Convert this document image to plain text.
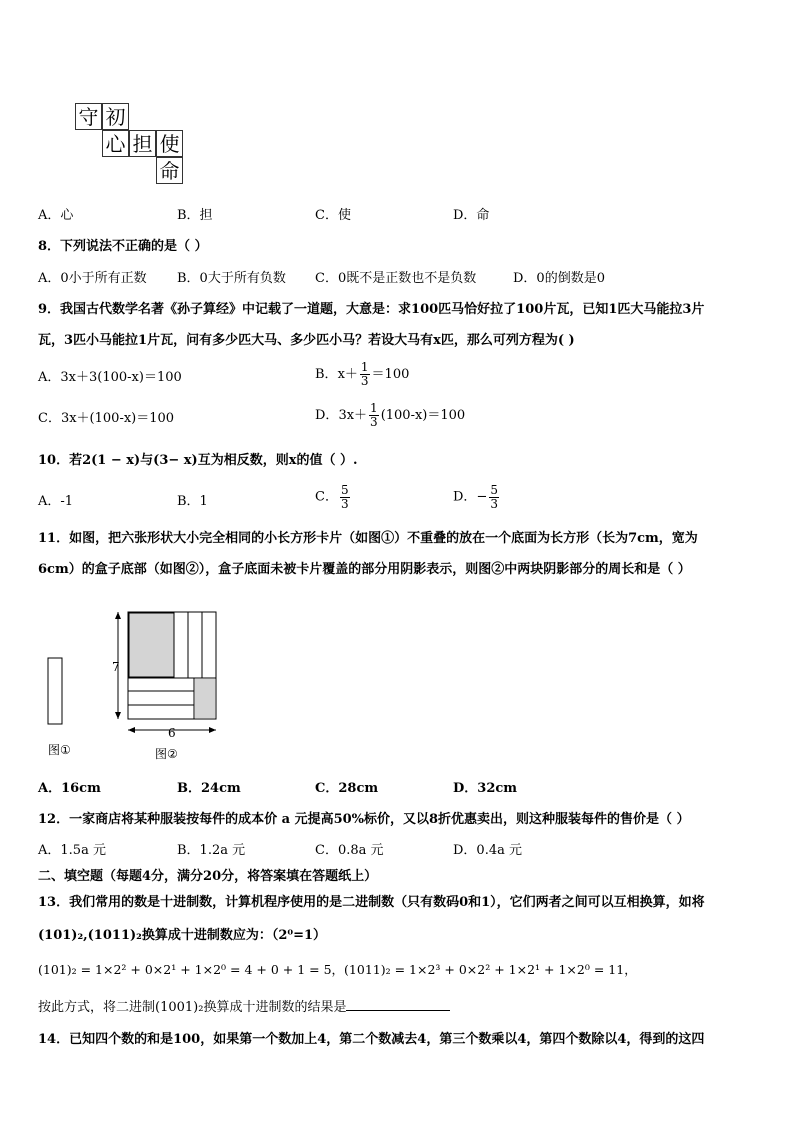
守 初
心 担 使
命
A．心	B．担	C．使	D．命
8．下列说法不正确的是（ ）
A．0小于所有正数 B．0大于所有负数 C．0既不是正数也不是负数	D．0的倒数是0
9．我国古代数学名著《孙子算经》中记载了一道题，大意是：求100匹马恰好拉了100片瓦，已知1匹大马能拉3片
瓦，3匹小马能拉1片瓦，问有多少匹大马、多少匹小马？若设大马有x匹，那么可列方程为( )
A．3x＋3(100-x)＝100	B．$x+ \frac{1}{3} =100$
C．3x＋(100-x)＝100	D．$3x+ \frac{1}{3} (100-x)=100$
10．若2(1 − x)与(3− x)互为相反数，则x的值（ ）.
A．-1	B．1	C． $\frac{5}{3}$	D．− $\frac{5}{3}$
11．如图，把六张形状大小完全相同的小长方形卡片（如图①）不重叠的放在一个底面为长方形（长为7cm，宽为
6cm）的盒子底部（如图②），盒子底面未被卡片覆盖的部分用阴影表示，则图②中两块阴影部分的周长和是（ ）
7
6
图①	图②
A．16cm	B．24cm	C．28cm	D．32cm
12．一家商店将某种服装按每件的成本价 a 元提高50%标价，又以8折优惠卖出，则这种服装每件的售价是（ ）
A．1.5a 元	B．1.2a 元	C．0.8a 元	D．0.4a 元
二、填空题（每题4分，满分20分，将答案填在答题纸上）
13．我们常用的数是十进制数，计算机程序使用的是二进制数（只有数码0和1），它们两者之间可以互相换算，如将
(101)₂,(1011)₂换算成十进制数应为：（2⁰=1）
(101)₂ = 1×2² + 0×2¹ + 1×2⁰ = 4 + 0 + 1 = 5，(1011)₂ = 1×2³ + 0×2² + 1×2¹ + 1×2⁰ = 11，
按此方式，将二进制(1001)₂换算成十进制数的结果是
14．已知四个数的和是100，如果第一个数加上4，第二个数减去4，第三个数乘以4，第四个数除以4，得到的这四
